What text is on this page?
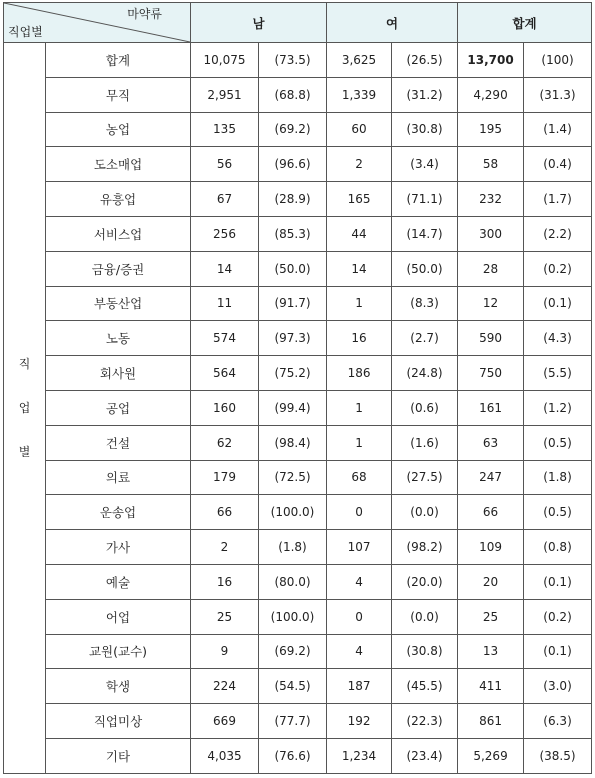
마약류
직업별		남		여		합계	

직
업
별	합계	10,075	(73.5)	3,625	(26.5)	13,700	(100)
	무직	2,951	(68.8)	1,339	(31.2)	4,290	(31.3)
	농업	135	(69.2)	60	(30.8)	195	(1.4)
	도소매업	56	(96.6)	2	(3.4)	58	(0.4)
	유흥업	67	(28.9)	165	(71.1)	232	(1.7)
	서비스업	256	(85.3)	44	(14.7)	300	(2.2)
	금융/증권	14	(50.0)	14	(50.0)	28	(0.2)
	부동산업	11	(91.7)	1	(8.3)	12	(0.1)
	노동	574	(97.3)	16	(2.7)	590	(4.3)
	회사원	564	(75.2)	186	(24.8)	750	(5.5)
	공업	160	(99.4)	1	(0.6)	161	(1.2)
	건설	62	(98.4)	1	(1.6)	63	(0.5)
	의료	179	(72.5)	68	(27.5)	247	(1.8)
	운송업	66	(100.0)	0	(0.0)	66	(0.5)
	가사	2	(1.8)	107	(98.2)	109	(0.8)
	예술	16	(80.0)	4	(20.0)	20	(0.1)
	어업	25	(100.0)	0	(0.0)	25	(0.2)
	교원(교수)	9	(69.2)	4	(30.8)	13	(0.1)
	학생	224	(54.5)	187	(45.5)	411	(3.0)
	직업미상	669	(77.7)	192	(22.3)	861	(6.3)
	기타	4,035	(76.6)	1,234	(23.4)	5,269	(38.5)
